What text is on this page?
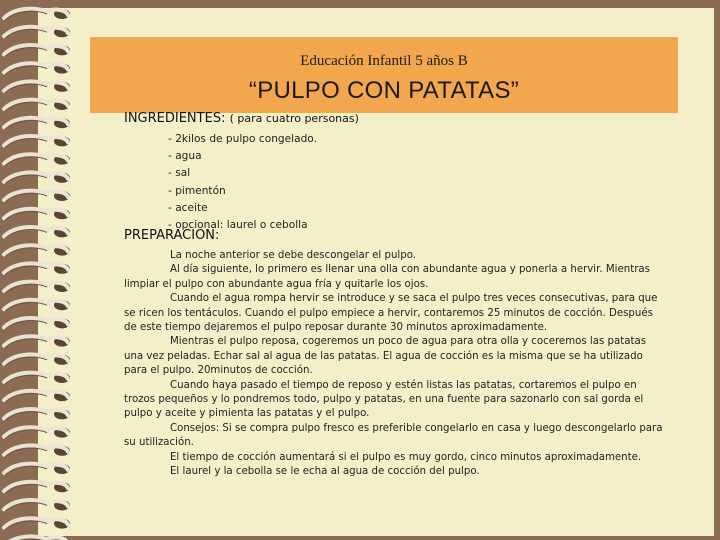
Educación Infantil 5 años B
“PULPO CON PATATAS”
INGREDIENTES: ( para cuatro personas)
- 2kilos de pulpo congelado.
- agua
- sal
- pimentón
- aceite
- opcional: laurel o cebolla
PREPARACION:

La noche anterior se debe descongelar el pulpo.

Al día siguiente, lo primero es llenar una olla con abundante agua y ponerla a hervir. Mientras limpiar el pulpo con abundante agua fría y quitarle los ojos.

Cuando el agua rompa hervir se introduce y se saca el pulpo tres veces consecutivas, para que se ricen los tentáculos. Cuando el pulpo empiece a hervir, contaremos 25 minutos de cocción. Después de este tiempo dejaremos el pulpo reposar durante 30 minutos aproximadamente.

Mientras el pulpo reposa, cogeremos un poco de agua para otra olla y coceremos las patatas una vez peladas. Echar sal al agua de las patatas. El agua de cocción es la misma que se ha utilizado para el pulpo. 20minutos de cocción.

Cuando haya pasado el tiempo de reposo y estén listas las patatas, cortaremos el pulpo en trozos pequeños y lo pondremos todo, pulpo y patatas, en una fuente para sazonarlo con sal gorda el pulpo y aceite y pimienta las patatas y el pulpo.

Consejos: Si se compra pulpo fresco es preferible congelarlo en casa y luego descongelarlo para su utilización.

El tiempo de cocción aumentará si el pulpo es muy gordo, cinco minutos aproximadamente.

El laurel y la cebolla se le echa al agua de cocción del pulpo.
